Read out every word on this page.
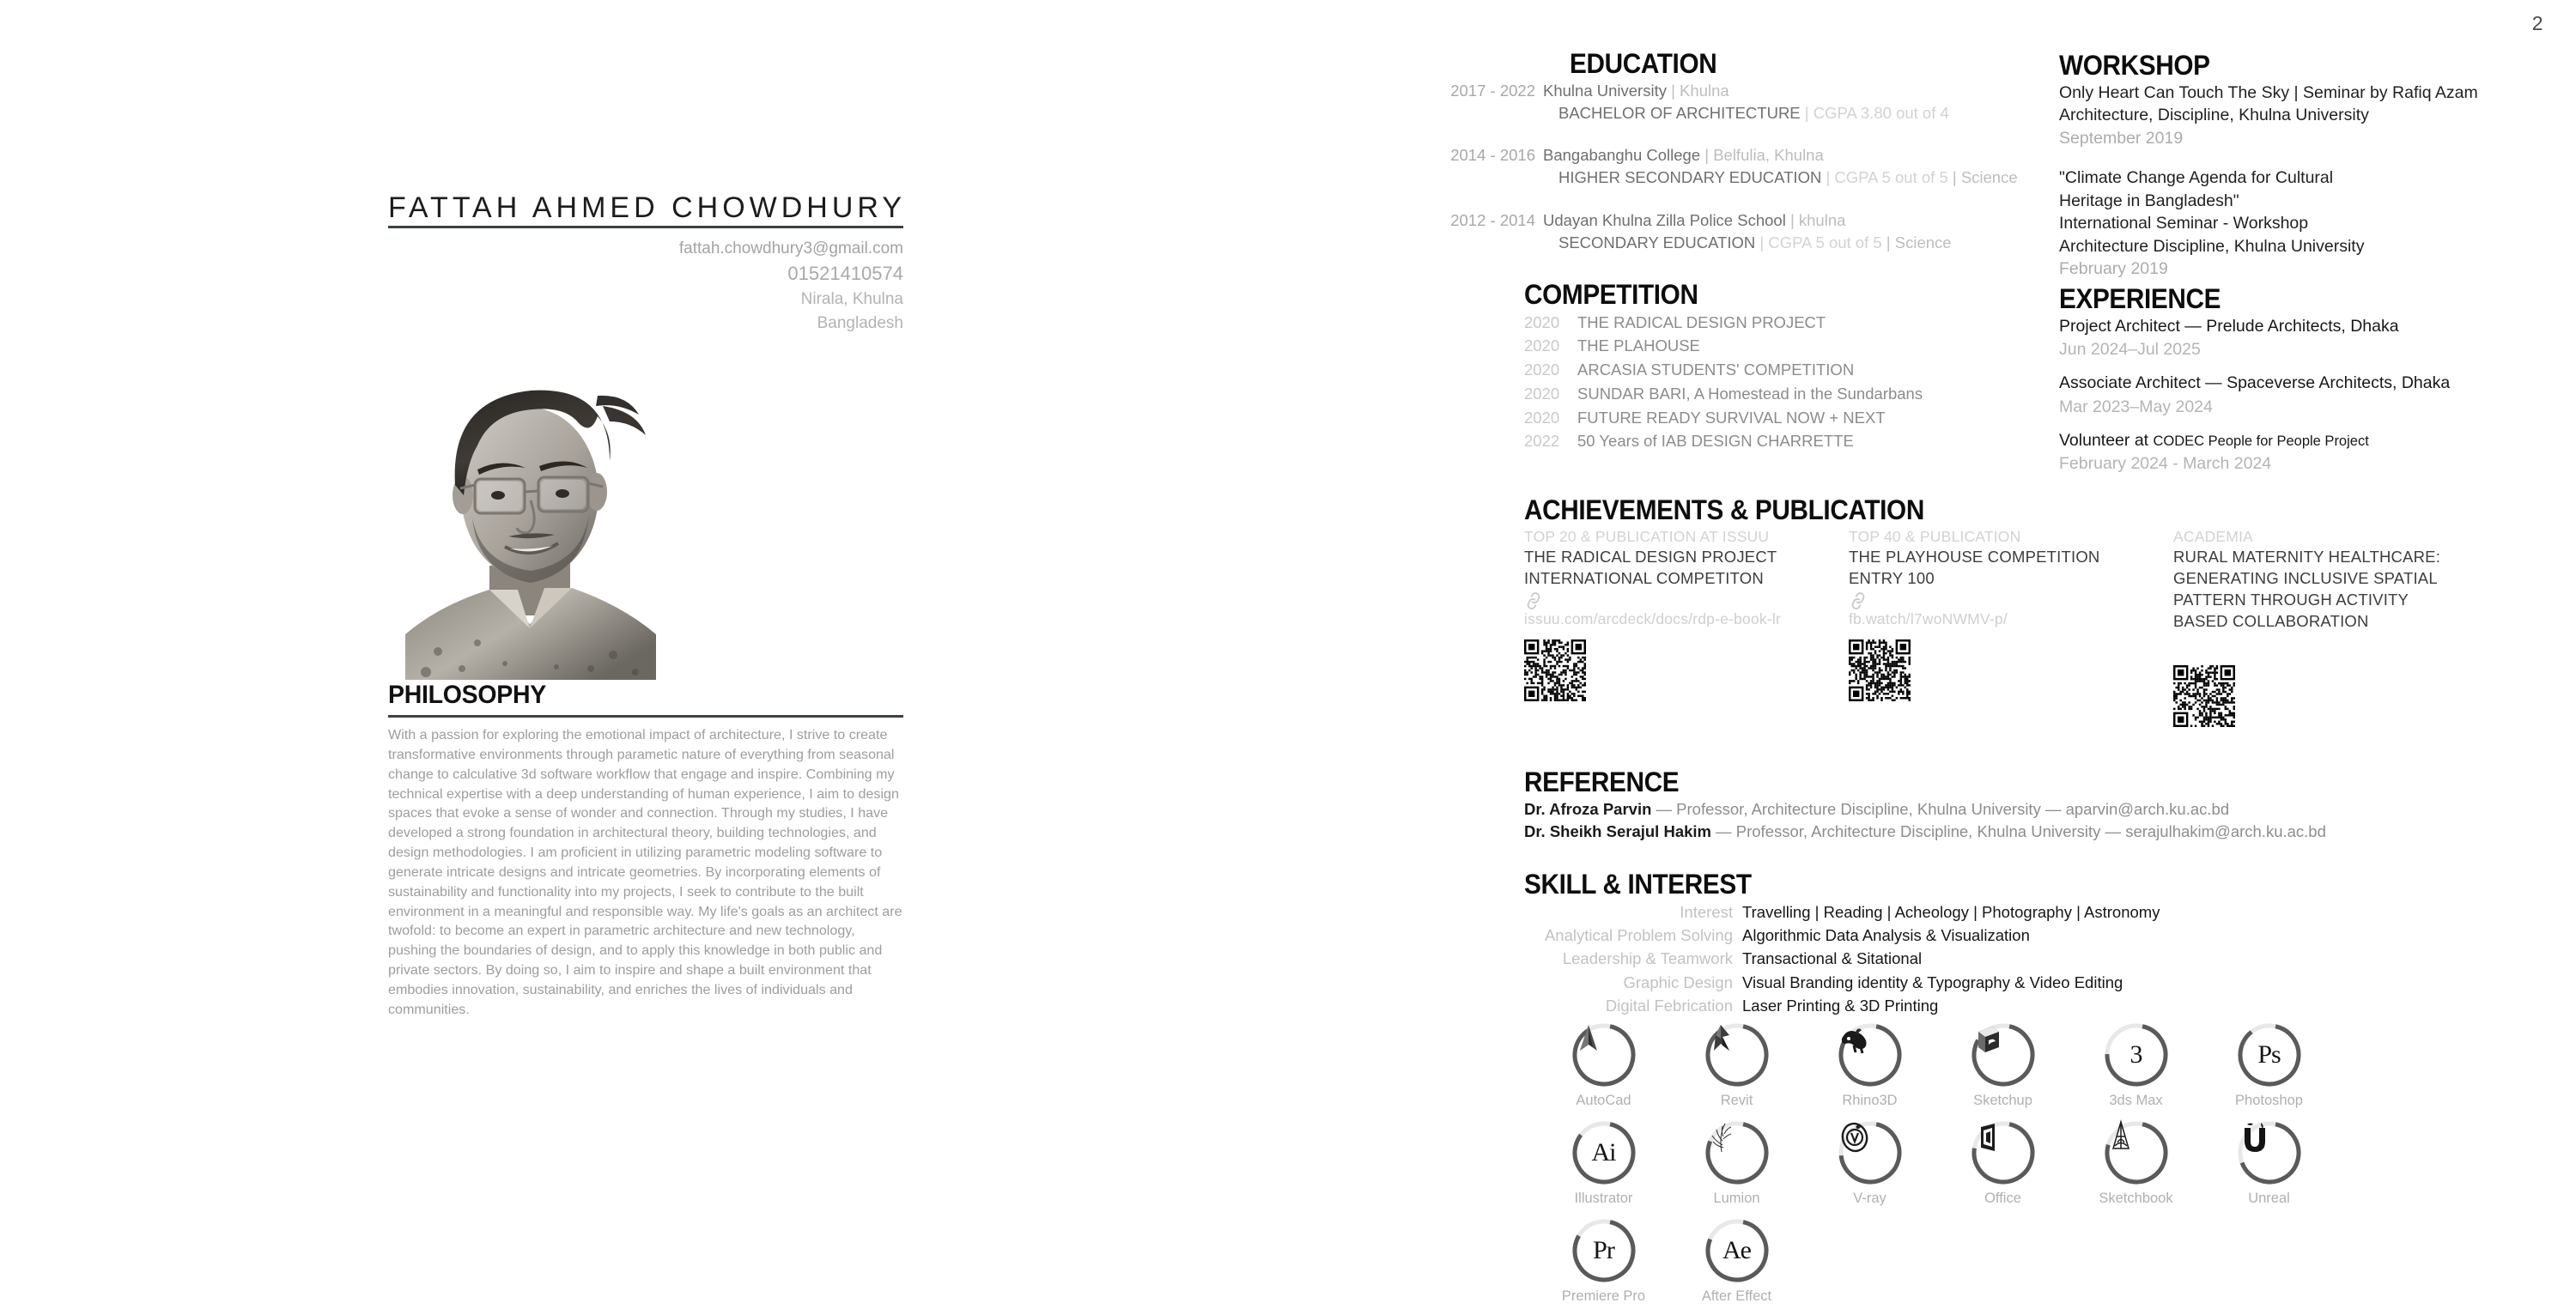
2
FATTAH AHMED CHOWDHURY
fattah.chowdhury3@gmail.com
01521410574
Nirala, Khulna
Bangladesh
PHILOSOPHY
With a passion for exploring the emotional impact of architecture, I strive to create transformative environments through parametic nature of everything from seasonal change to calculative 3d software workflow that engage and inspire. Combining my technical expertise with a deep understanding of human experience, I aim to design spaces that evoke a sense of wonder and connection. Through my studies, I have developed a strong foundation in architectural theory, building technologies, and design methodologies. I am proficient in utilizing parametric modeling software to generate intricate designs and intricate geometries. By incorporating elements of sustainability and functionality into my projects, I seek to contribute to the built environment in a meaningful and responsible way. My life's goals as an architect are twofold: to become an expert in parametric architecture and new technology, pushing the boundaries of design, and to apply this knowledge in both public and private sectors. By doing so, I aim to inspire and shape a built environment that embodies innovation, sustainability, and enriches the lives of individuals and communities.
EDUCATION
2017 - 2022 Khulna University | Khulna
BACHELOR OF ARCHITECTURE | CGPA 3.80 out of 4
2014 - 2016 Bangabanghu College | Belfulia, Khulna
HIGHER SECONDARY EDUCATION | CGPA 5 out of 5 | Science
2012 - 2014 Udayan Khulna Zilla Police School | khulna
SECONDARY EDUCATION | CGPA 5 out of 5 | Science
WORKSHOP
Only Heart Can Touch The Sky | Seminar by Rafiq Azam
Architecture, Discipline, Khulna University
September 2019
"Climate Change Agenda for Cultural
Heritage in Bangladesh"
International Seminar - Workshop
Architecture Discipline, Khulna University
February 2019
COMPETITION
2020	THE RADICAL DESIGN PROJECT
2020	THE PLAHOUSE
2020	ARCASIA STUDENTS' COMPETITION
2020	SUNDAR BARI, A Homestead in the Sundarbans
2020	FUTURE READY SURVIVAL NOW + NEXT
2022	50 Years of IAB DESIGN CHARRETTE
EXPERIENCE
Project Architect — Prelude Architects, Dhaka
Jun 2024–Jul 2025
Associate Architect — Spaceverse Architects, Dhaka
Mar 2023–May 2024
Volunteer at CODEC People for People Project
February 2024 - March 2024
ACHIEVEMENTS & PUBLICATION
TOP 20 & PUBLICATION AT ISSUU
THE RADICAL DESIGN PROJECT
INTERNATIONAL COMPETITON
issuu.com/arcdeck/docs/rdp-e-book-lr
TOP 40 & PUBLICATION
THE PLAYHOUSE COMPETITION
ENTRY 100
fb.watch/l7woNWMV-p/
ACADEMIA
RURAL MATERNITY HEALTHCARE:
GENERATING INCLUSIVE SPATIAL
PATTERN THROUGH ACTIVITY
BASED COLLABORATION
REFERENCE
Dr. Afroza Parvin — Professor, Architecture Discipline, Khulna University — aparvin@arch.ku.ac.bd
Dr. Sheikh Serajul Hakim — Professor, Architecture Discipline, Khulna University — serajulhakim@arch.ku.ac.bd
SKILL & INTEREST
Interest Travelling | Reading | Acheology | Photography | Astronomy
Analytical Problem Solving Algorithmic Data Analysis & Visualization
Leadership & Teamwork Transactional & Sitational
Graphic Design Visual Branding identity & Typography & Video Editing
Digital Febrication Laser Printing & 3D Printing
AutoCad	Revit	Rhino3D	Sketchup
3
3ds Max
Ps
Photoshop
Ai
Illustrator	Lumion	V-ray	Office	Sketchbook	Unreal
Pr
Premiere Pro
Ae
After Effect
